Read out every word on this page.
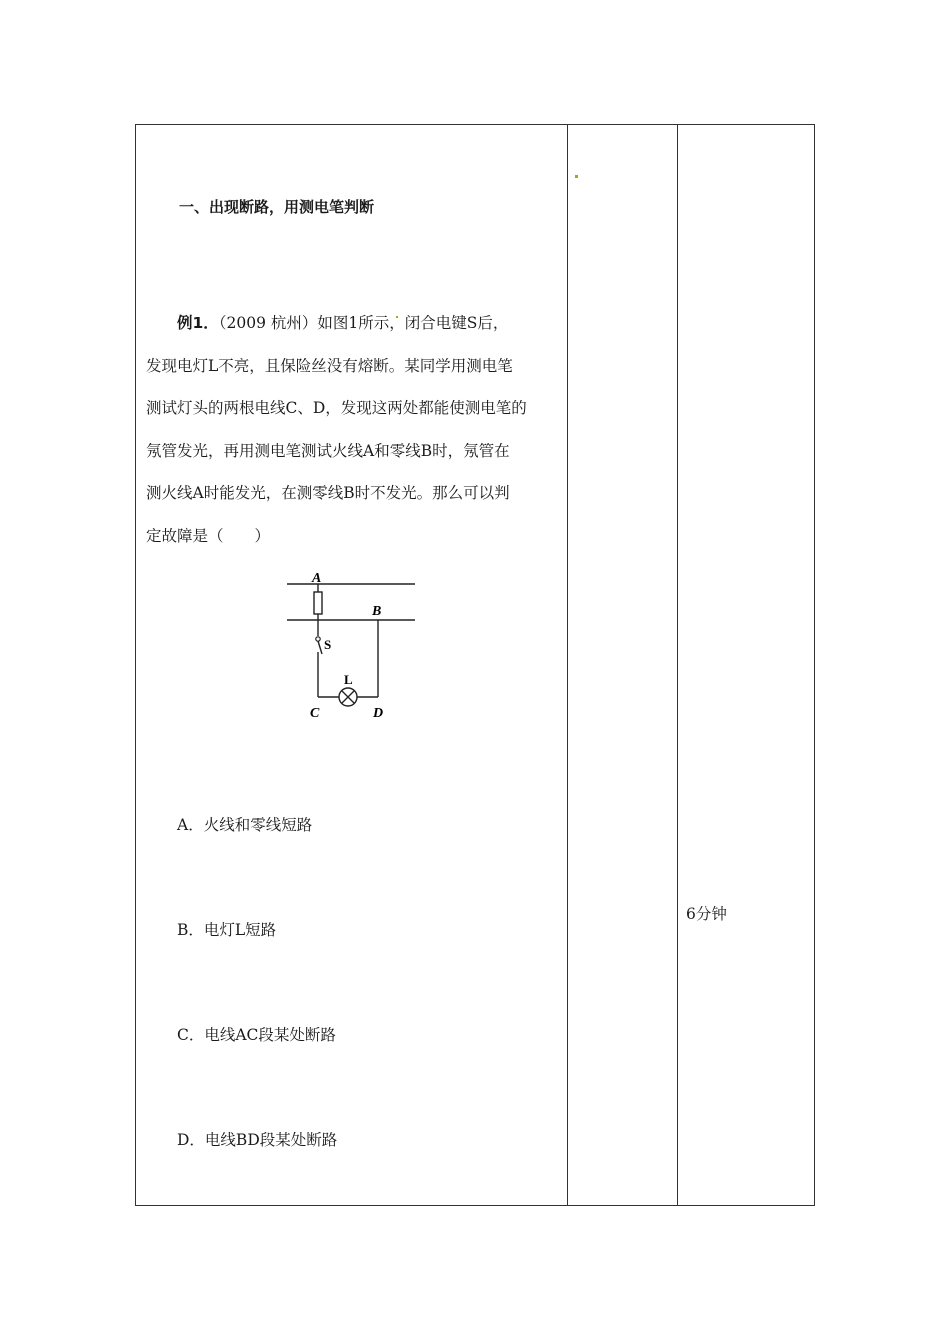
一、出现断路，用测电笔判断
例1．（2009 杭州）如图1所示，闭合电键S后，
发现电灯L不亮，且保险丝没有熔断。某同学用测电笔
测试灯头的两根电线C、D，发现这两处都能使测电笔的
氖管发光，再用测电笔测试火线A和零线B时，氖管在
测火线A时能发光，在测零线B时不发光。那么可以判
定故障是（　　）
A
B
S
L
C	D
A．火线和零线短路
B．电灯L短路
C．电线AC段某处断路
D．电线BD段某处断路
6分钟
